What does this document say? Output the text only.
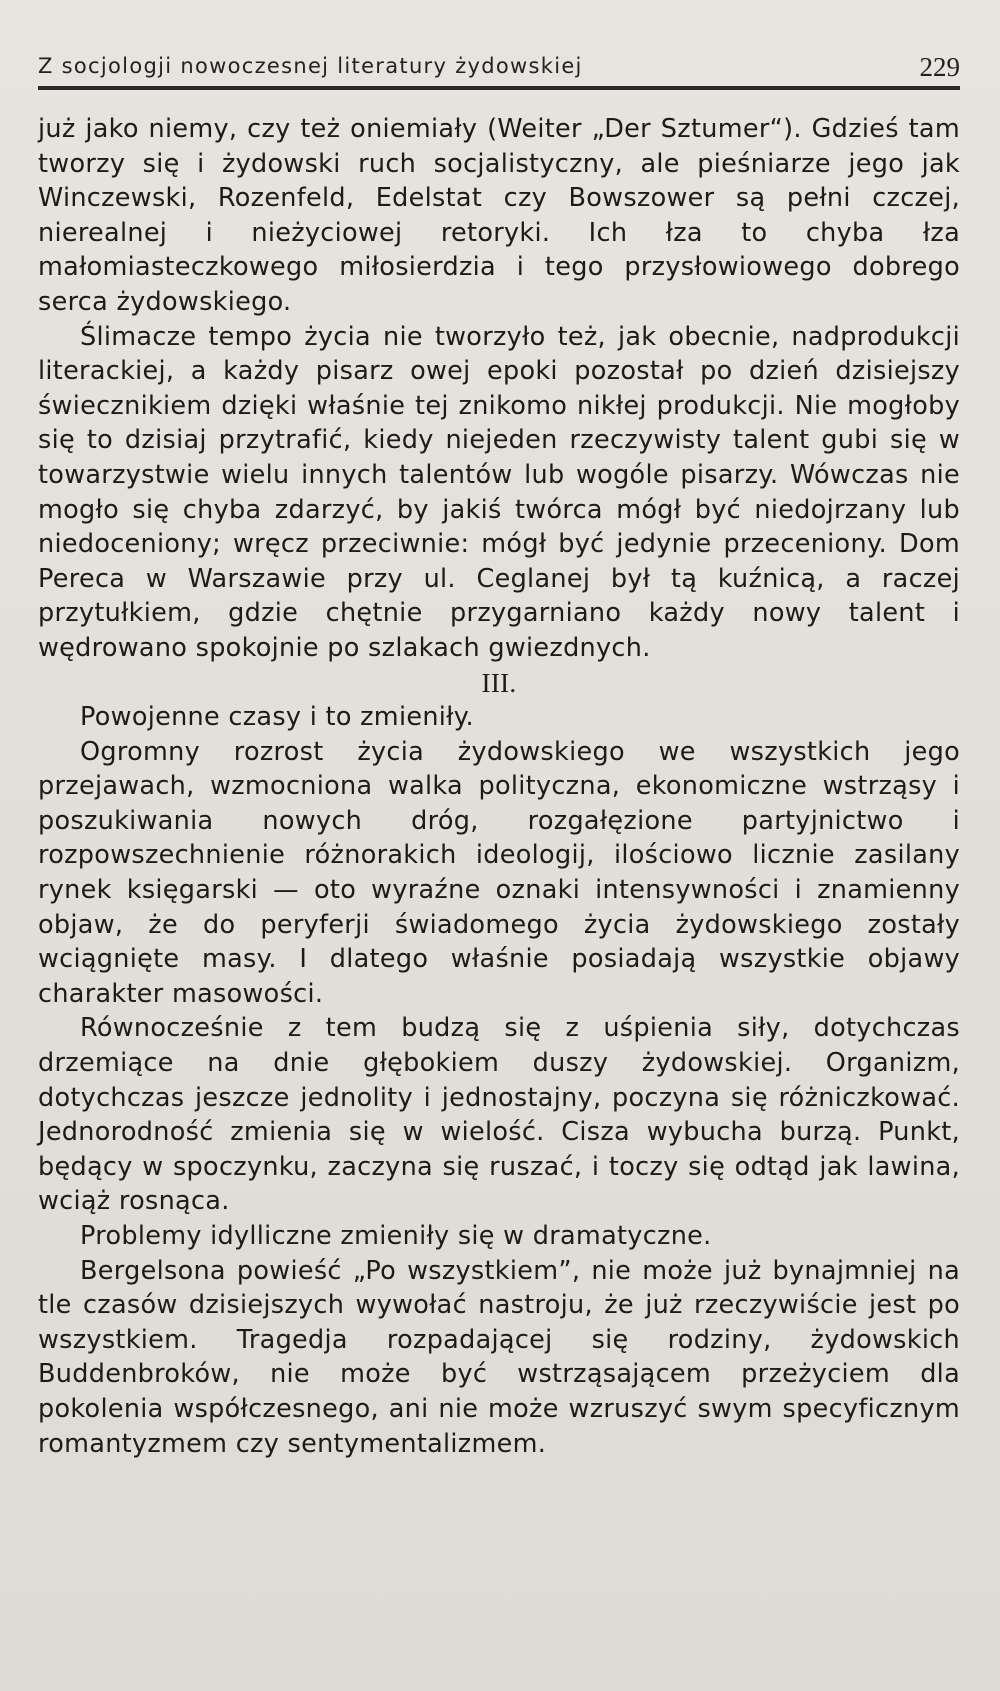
Z socjologji nowoczesnej literatury żydowskiej	229

już jako niemy, czy też oniemiały (Weiter „Der Sztumer“). Gdzieś tam tworzy się i żydowski ruch socjalistyczny, ale pieśniarze jego jak Winczewski, Rozenfeld, Edelstat czy Bowszower są pełni czczej, nierealnej i nieżyciowej retoryki. Ich łza to chyba łza małomiasteczkowego miłosierdzia i tego przysłowiowego dobrego serca żydowskiego.

Ślimacze tempo życia nie tworzyło też, jak obecnie, nadprodukcji literackiej, a każdy pisarz owej epoki pozostał po dzień dzisiejszy świecznikiem dzięki właśnie tej znikomo nikłej produkcji. Nie mogłoby się to dzisiaj przytrafić, kiedy niejeden rzeczywisty talent gubi się w towarzystwie wielu innych talentów lub wogóle pisarzy. Wówczas nie mogło się chyba zdarzyć, by jakiś twórca mógł być niedojrzany lub niedoceniony; wręcz przeciwnie: mógł być jedynie przeceniony. Dom Pereca w Warszawie przy ul. Ceglanej był tą kuźnicą, a raczej przytułkiem, gdzie chętnie przygarniano każdy nowy talent i wędrowano spokojnie po szlakach gwiezdnych.

III.

Powojenne czasy i to zmieniły.

Ogromny rozrost życia żydowskiego we wszystkich jego przejawach, wzmocniona walka polityczna, ekonomiczne wstrząsy i poszukiwania nowych dróg, rozgałęzione partyjnictwo i rozpowszechnienie różnorakich ideologij, ilościowo licznie zasilany rynek księgarski — oto wyraźne oznaki intensywności i znamienny objaw, że do peryferji świadomego życia żydowskiego zostały wciągnięte masy. I dlatego właśnie posiadają wszystkie objawy charakter masowości.

Równocześnie z tem budzą się z uśpienia siły, dotychczas drzemiące na dnie głębokiem duszy żydowskiej. Organizm, dotychczas jeszcze jednolity i jednostajny, poczyna się różniczkować. Jednorodność zmienia się w wielość. Cisza wybucha burzą. Punkt, będący w spoczynku, zaczyna się ruszać, i toczy się odtąd jak lawina, wciąż rosnąca.

Problemy idylliczne zmieniły się w dramatyczne.

Bergelsona powieść „Po wszystkiem”, nie może już bynajmniej na tle czasów dzisiejszych wywołać nastroju, że już rzeczywiście jest po wszystkiem. Tragedja rozpadającej się rodziny, żydowskich Buddenbroków, nie może być wstrząsającem przeżyciem dla pokolenia współczesnego, ani nie może wzruszyć swym specyficznym romantyzmem czy sentymentalizmem.
